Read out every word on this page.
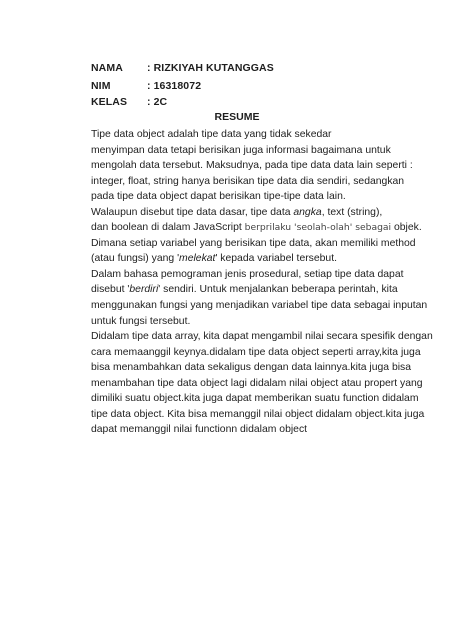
NAMA : RIZKIYAH KUTANGGAS
NIM	: 16318072
KELAS : 2C
RESUME
Tipe data object adalah tipe data yang tidak sekedar
menyimpan data tetapi berisikan juga informasi bagaimana untuk
mengolah data tersebut. Maksudnya, pada tipe data data lain seperti :
integer, float, string hanya berisikan tipe data dia sendiri, sedangkan
pada tipe data object dapat berisikan tipe-tipe data lain.
Walaupun disebut tipe data dasar, tipe data angka, text (string),
dan boolean di dalam JavaScript berprilaku 'seolah-olah' sebagai objek.
Dimana setiap variabel yang berisikan tipe data, akan memiliki method
(atau fungsi) yang 'melekat' kepada variabel tersebut.
Dalam bahasa pemograman jenis prosedural, setiap tipe data dapat
disebut 'berdiri' sendiri. Untuk menjalankan beberapa perintah, kita
menggunakan fungsi yang menjadikan variabel tipe data sebagai inputan
untuk fungsi tersebut.
Didalam tipe data array, kita dapat mengambil nilai secara spesifik dengan
cara memaanggil keynya.didalam tipe data object seperti array,kita juga
bisa menambahkan data sekaligus dengan data lainnya.kita juga bisa
menambahan tipe data object lagi didalam nilai object atau propert yang
dimiliki suatu object.kita juga dapat memberikan suatu function didalam
tipe data object. Kita bisa memanggil nilai object didalam object.kita juga
dapat memanggil nilai functionn didalam object
